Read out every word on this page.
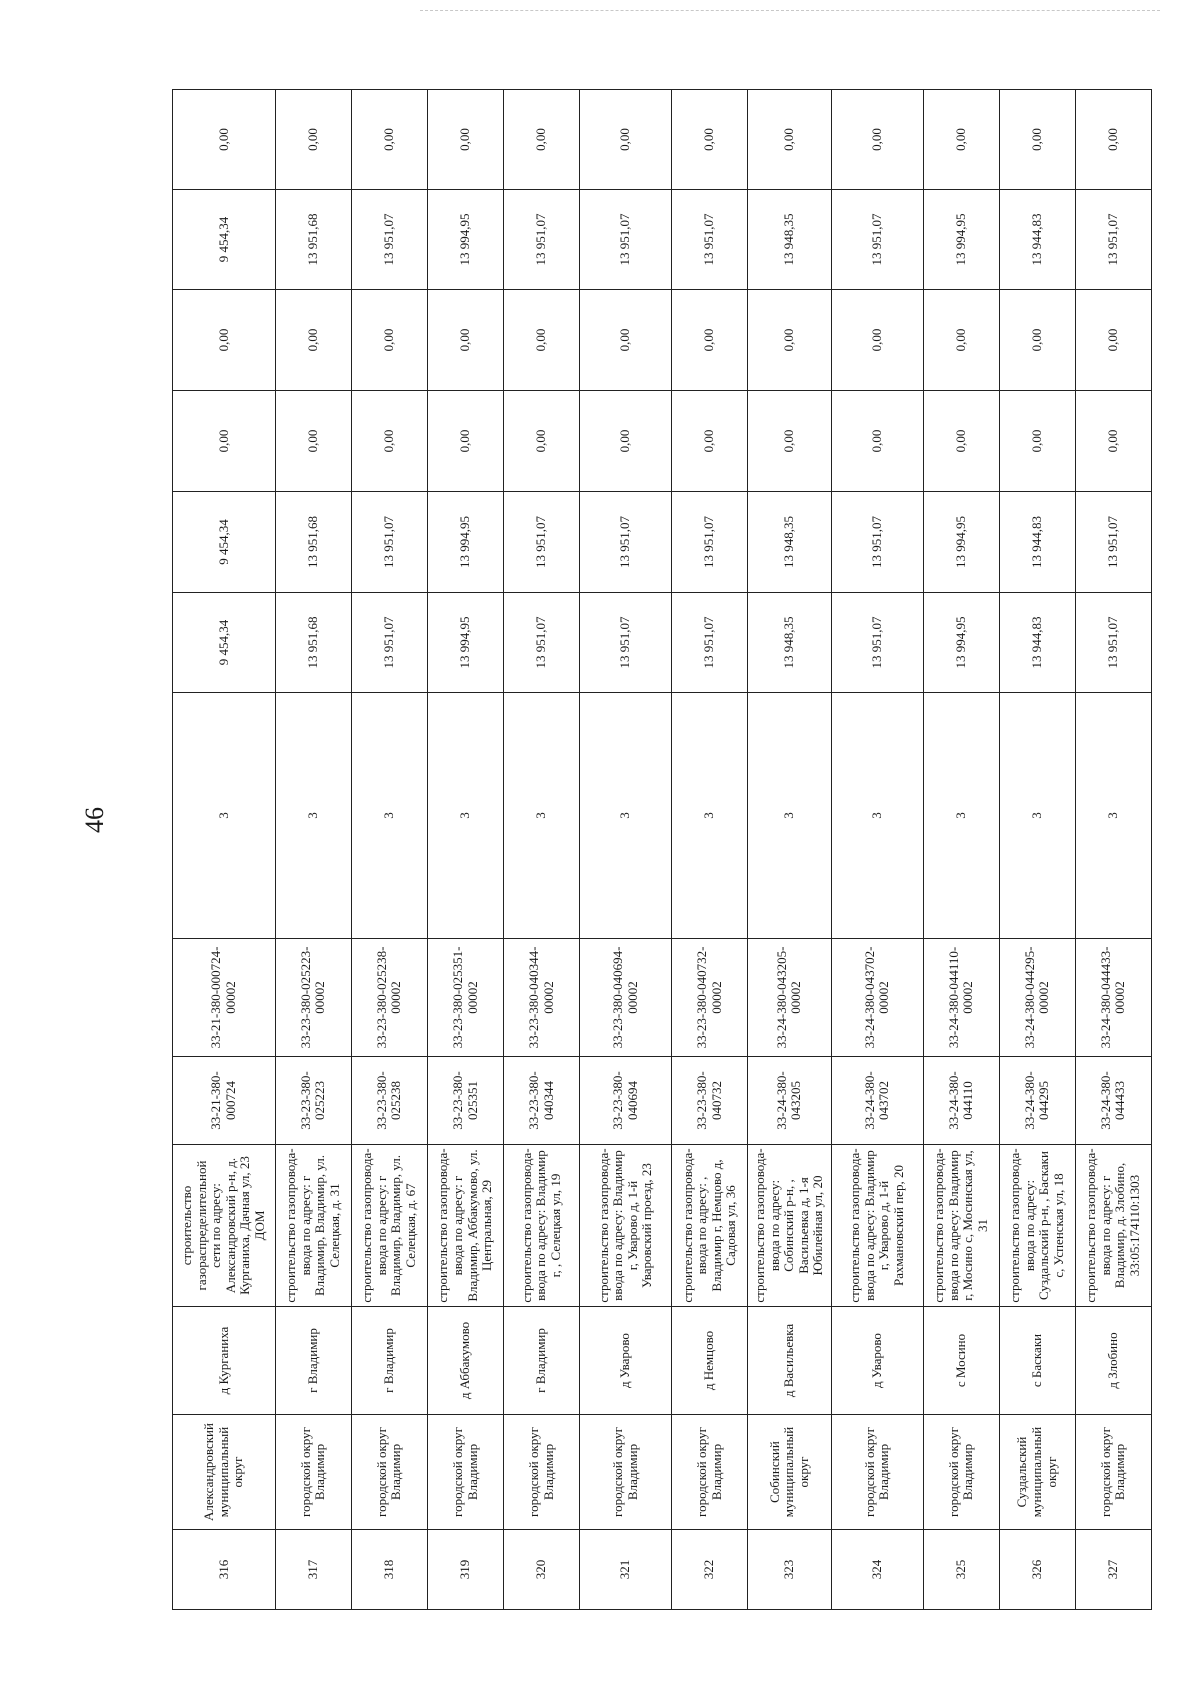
46
316	Александровский муниципальный округ	д Курганиха	строительство газораспределительной сети по адресу: Александровский р-н, д. Курганиха, Дачная ул, 23 ДОМ	33-21-380-000724	33-21-380-000724-00002	3	9 454,34	9 454,34	0,00	0,00	9 454,34	0,00
317	городской округ Владимир	г Владимир	строительство газопровода-ввода по адресу: г Владимир, Владимир, ул. Селецкая, д. 31	33-23-380-025223	33-23-380-025223-00002	3	13 951,68	13 951,68	0,00	0,00	13 951,68	0,00
318	городской округ Владимир	г Владимир	строительство газопровода-ввода по адресу: г Владимир, Владимир, ул. Селецкая, д. 67	33-23-380-025238	33-23-380-025238-00002	3	13 951,07	13 951,07	0,00	0,00	13 951,07	0,00
319	городской округ Владимир	д Аббакумово	строительство газопровода-ввода по адресу: г Владимир, Аббакумово, ул. Центральная, 29	33-23-380-025351	33-23-380-025351-00002	3	13 994,95	13 994,95	0,00	0,00	13 994,95	0,00
320	городской округ Владимир	г Владимир	строительство газопровода-ввода по адресу: Владимир г, , Селецкая ул, 19	33-23-380-040344	33-23-380-040344-00002	3	13 951,07	13 951,07	0,00	0,00	13 951,07	0,00
321	городской округ Владимир	д Уварово	строительство газопровода-ввода по адресу: Владимир г, Уварово д, 1-й Уваровский проезд, 23	33-23-380-040694	33-23-380-040694-00002	3	13 951,07	13 951,07	0,00	0,00	13 951,07	0,00
322	городской округ Владимир	д Немцово	строительство газопровода-ввода по адресу: , Владимир г, Немцово д, Садовая ул, 36	33-23-380-040732	33-23-380-040732-00002	3	13 951,07	13 951,07	0,00	0,00	13 951,07	0,00
323	Собинский муниципальный округ	д Васильевка	строительство газопровода-ввода по адресу: Собинский р-н, , Васильевка д, 1-я Юбилейная ул, 20	33-24-380-043205	33-24-380-043205-00002	3	13 948,35	13 948,35	0,00	0,00	13 948,35	0,00
324	городской округ Владимир	д Уварово	строительство газопровода-ввода по адресу: Владимир г, Уварово д, 1-й Рахмановский пер, 20	33-24-380-043702	33-24-380-043702-00002	3	13 951,07	13 951,07	0,00	0,00	13 951,07	0,00
325	городской округ Владимир	с Мосино	строительство газопровода-ввода по адресу: Владимир г, Мосино с, Мосинская ул, 31	33-24-380-044110	33-24-380-044110-00002	3	13 994,95	13 994,95	0,00	0,00	13 994,95	0,00
326	Суздальский муниципальный округ	с Баскаки	строительство газопровода-ввода по адресу: Суздальский р-н, , Баскаки с, Успенская ул, 18	33-24-380-044295	33-24-380-044295-00002	3	13 944,83	13 944,83	0,00	0,00	13 944,83	0,00
327	городской округ Владимир	д Злобино	строительство газопровода-ввода по адресу: г Владимир, д. Злобино, 33:05:174110:1303	33-24-380-044433	33-24-380-044433-00002	3	13 951,07	13 951,07	0,00	0,00	13 951,07	0,00
